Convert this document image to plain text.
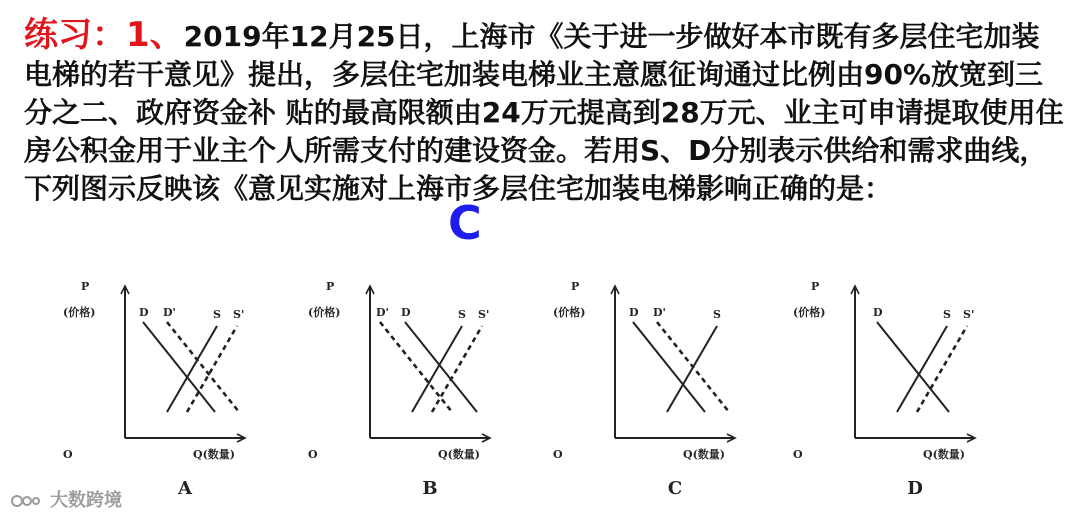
练习：1、2019年12月25日，上海市《关于进一步做好本市既有多层住宅加装电梯的若干意见》提出，多层住宅加装电梯业主意愿征询通过比例由90%放宽到三分之二、政府资金补 贴的最高限额由24万元提高到28万元、业主可申请提取使用住房公积金用于业主个人所需支付的建设资金。若用S、D分别表示供给和需求曲线，下列图示反映该《意见实施对上海市多层住宅加装电梯影响正确的是：
C
P
(价格)
O	Q(数量)
D D'	S S'
A
P
(价格)
O	Q(数量)
D' D	S S'
B
P
(价格)
O	Q(数量)
D D'	S
C
P
(价格)
O	Q(数量)
D	S S'
D
大数跨境
